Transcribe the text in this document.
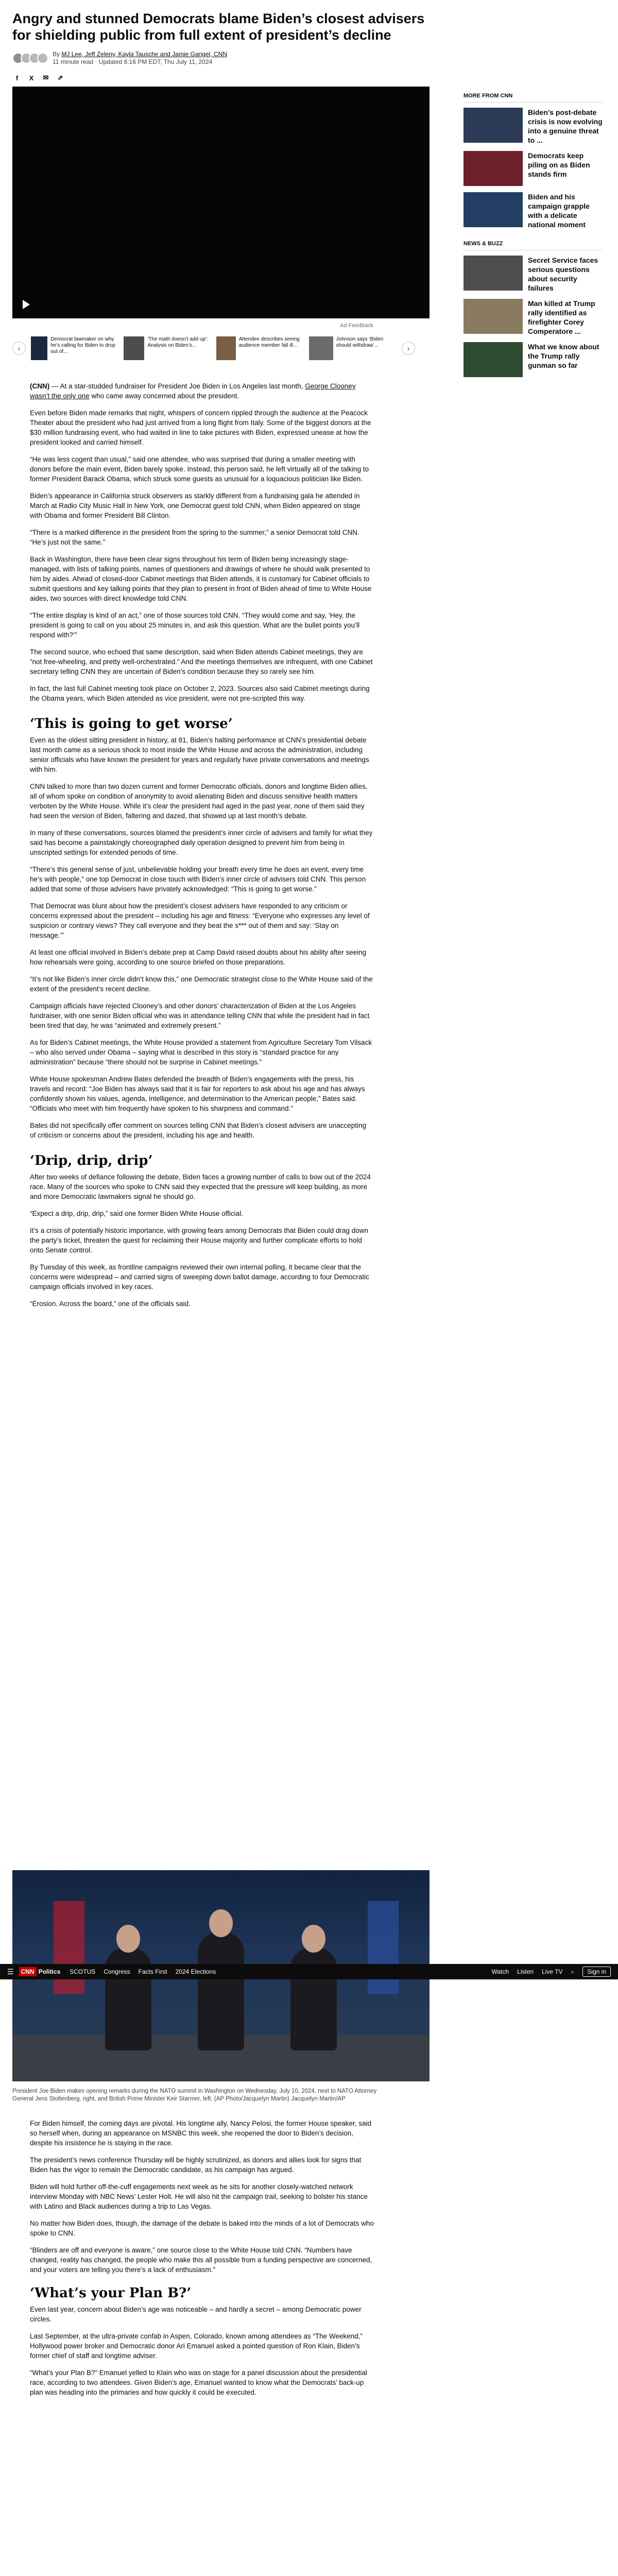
Angry and stunned Democrats blame Biden’s closest advisers for shielding public from full extent of president’s decline
By MJ Lee, Jeff Zeleny, Kayla Tausche and Jamie Gangel, CNN
11 minute read · Updated 6:16 PM EDT, Thu July 11, 2024
f	X	✉ ⇗
Ad Feedback
‹
Democrat lawmaker on why he’s calling for Biden to drop out of...
'The math doesn’t add up': Analysis on Biden’s...
Attendee describes seeing audience member fall ill...
Johnson says ‘Biden should withdraw’...	›

(CNN) — At a star-studded fundraiser for President Joe Biden in Los Angeles last month, George Clooney wasn’t the only one who came away concerned about the president.

Even before Biden made remarks that night, whispers of concern rippled through the audience at the Peacock Theater about the president who had just arrived from a long flight from Italy. Some of the biggest donors at the $30 million fundraising event, who had waited in line to take pictures with Biden, expressed unease at how the president looked and carried himself.

“He was less cogent than usual,” said one attendee, who was surprised that during a smaller meeting with donors before the main event, Biden barely spoke. Instead, this person said, he left virtually all of the talking to former President Barack Obama, which struck some guests as unusual for a loquacious politician like Biden.

Biden’s appearance in California struck observers as starkly different from a fundraising gala he attended in March at Radio City Music Hall in New York, one Democrat guest told CNN, when Biden appeared on stage with Obama and former President Bill Clinton.

“There is a marked difference in the president from the spring to the summer,” a senior Democrat told CNN. “He’s just not the same.”

Back in Washington, there have been clear signs throughout his term of Biden being increasingly stage-managed, with lists of talking points, names of questioners and drawings of where he should walk presented to him by aides. Ahead of closed-door Cabinet meetings that Biden attends, it is customary for Cabinet officials to submit questions and key talking points that they plan to present in front of Biden ahead of time to White House aides, two sources with direct knowledge told CNN.

“The entire display is kind of an act,” one of those sources told CNN. “They would come and say, ‘Hey, the president is going to call on you about 25 minutes in, and ask this question. What are the bullet points you’ll respond with?’”

The second source, who echoed that same description, said when Biden attends Cabinet meetings, they are “not free-wheeling, and pretty well-orchestrated.” And the meetings themselves are infrequent, with one Cabinet secretary telling CNN they are uncertain of Biden’s condition because they so rarely see him.

In fact, the last full Cabinet meeting took place on October 2, 2023. Sources also said Cabinet meetings during the Obama years, which Biden attended as vice president, were not pre-scripted this way.

‘This is going to get worse’

Even as the oldest sitting president in history, at 81, Biden’s halting performance at CNN’s presidential debate last month came as a serious shock to most inside the White House and across the administration, including senior officials who have known the president for years and regularly have private conversations and meetings with him.

CNN talked to more than two dozen current and former Democratic officials, donors and longtime Biden allies, all of whom spoke on condition of anonymity to avoid alienating Biden and discuss sensitive health matters verboten by the White House. While it’s clear the president had aged in the past year, none of them said they had seen the version of Biden, faltering and dazed, that showed up at last month’s debate.

In many of these conversations, sources blamed the president’s inner circle of advisers and family for what they said has become a painstakingly choreographed daily operation designed to prevent him from being in unscripted settings for extended periods of time.

“There’s this general sense of just, unbelievable holding your breath every time he does an event, every time he’s with people,” one top Democrat in close touch with Biden’s inner circle of advisers told CNN. This person added that some of those advisers have privately acknowledged: “This is going to get worse.”

That Democrat was blunt about how the president’s closest advisers have responded to any criticism or concerns expressed about the president – including his age and fitness: “Everyone who expresses any level of suspicion or contrary views? They call everyone and they beat the s*** out of them and say: ‘Stay on message.’”

At least one official involved in Biden’s debate prep at Camp David raised doubts about his ability after seeing how rehearsals were going, according to one source briefed on those preparations.

“It’s not like Biden’s inner circle didn’t know this,” one Democratic strategist close to the White House said of the extent of the president’s recent decline.

Campaign officials have rejected Clooney’s and other donors’ characterization of Biden at the Los Angeles fundraiser, with one senior Biden official who was in attendance telling CNN that while the president had in fact been tired that day, he was “animated and extremely present.”

As for Biden’s Cabinet meetings, the White House provided a statement from Agriculture Secretary Tom Vilsack – who also served under Obama – saying what is described in this story is “standard practice for any administration” because “there should not be surprise in Cabinet meetings.”

White House spokesman Andrew Bates defended the breadth of Biden’s engagements with the press, his travels and record: “Joe Biden has always said that it is fair for reporters to ask about his age and has always confidently shown his values, agenda, intelligence, and determination to the American people,” Bates said. “Officials who meet with him frequently have spoken to his sharpness and command.”

Bates did not specifically offer comment on sources telling CNN that Biden’s closest advisers are unaccepting of criticism or concerns about the president, including his age and health.

‘Drip, drip, drip’

After two weeks of defiance following the debate, Biden faces a growing number of calls to bow out of the 2024 race. Many of the sources who spoke to CNN said they expected that the pressure will keep building, as more and more Democratic lawmakers signal he should go.

“Expect a drip, drip, drip,” said one former Biden White House official.

It’s a crisis of potentially historic importance, with growing fears among Democrats that Biden could drag down the party’s ticket, threaten the quest for reclaiming their House majority and further complicate efforts to hold onto Senate control.

By Tuesday of this week, as frontline campaigns reviewed their own internal polling, it became clear that the concerns were widespread – and carried signs of sweeping down ballot damage, according to four Democratic campaign officials involved in key races.

“Erosion. Across the board,” one of the officials said.

MORE FROM CNN
Biden’s post-debate crisis is now evolving into a genuine threat to ...
Democrats keep piling on as Biden stands firm
Biden and his campaign grapple with a delicate national moment
NEWS & BUZZ
Secret Service faces serious questions about security failures
Man killed at Trump rally identified as firefighter Corey Comperatore ...
What we know about the Trump rally gunman so far
☰	CNN Politics SCOTUS Congress Facts First 2024 Elections	Watch Listen Live TV ⌕	Sign in
President Joe Biden makes opening remarks during the NATO summit in Washington on Wednesday, July 10, 2024, next to NATO Attorney General Jens Stoltenberg, right, and British Prime Minister Keir Starmer, left. (AP Photo/Jacquelyn Martin) Jacquelyn Martin/AP

For Biden himself, the coming days are pivotal. His longtime ally, Nancy Pelosi, the former House speaker, said so herself when, during an appearance on MSNBC this week, she reopened the door to Biden’s decision, despite his insistence he is staying in the race.

The president’s news conference Thursday will be highly scrutinized, as donors and allies look for signs that Biden has the vigor to remain the Democratic candidate, as his campaign has argued.

Biden will hold further off-the-cuff engagements next week as he sits for another closely-watched network interview Monday with NBC News’ Lester Holt. He will also hit the campaign trail, seeking to bolster his stance with Latino and Black audiences during a trip to Las Vegas.

No matter how Biden does, though, the damage of the debate is baked into the minds of a lot of Democrats who spoke to CNN.

“Blinders are off and everyone is aware,” one source close to the White House told CNN. “Numbers have changed, reality has changed, the people who make this all possible from a funding perspective are concerned, and your voters are telling you there’s a lack of enthusiasm.”

‘What’s your Plan B?’

Even last year, concern about Biden’s age was noticeable – and hardly a secret – among Democratic power circles.

Last September, at the ultra-private confab in Aspen, Colorado, known among attendees as “The Weekend,” Hollywood power broker and Democratic donor Ari Emanuel asked a pointed question of Ron Klain, Biden’s former chief of staff and longtime adviser.

“What’s your Plan B?” Emanuel yelled to Klain who was on stage for a panel discussion about the presidential race, according to two attendees. Given Biden’s age, Emanuel wanted to know what the Democrats’ back-up plan was heading into the primaries and how quickly it could be executed.
